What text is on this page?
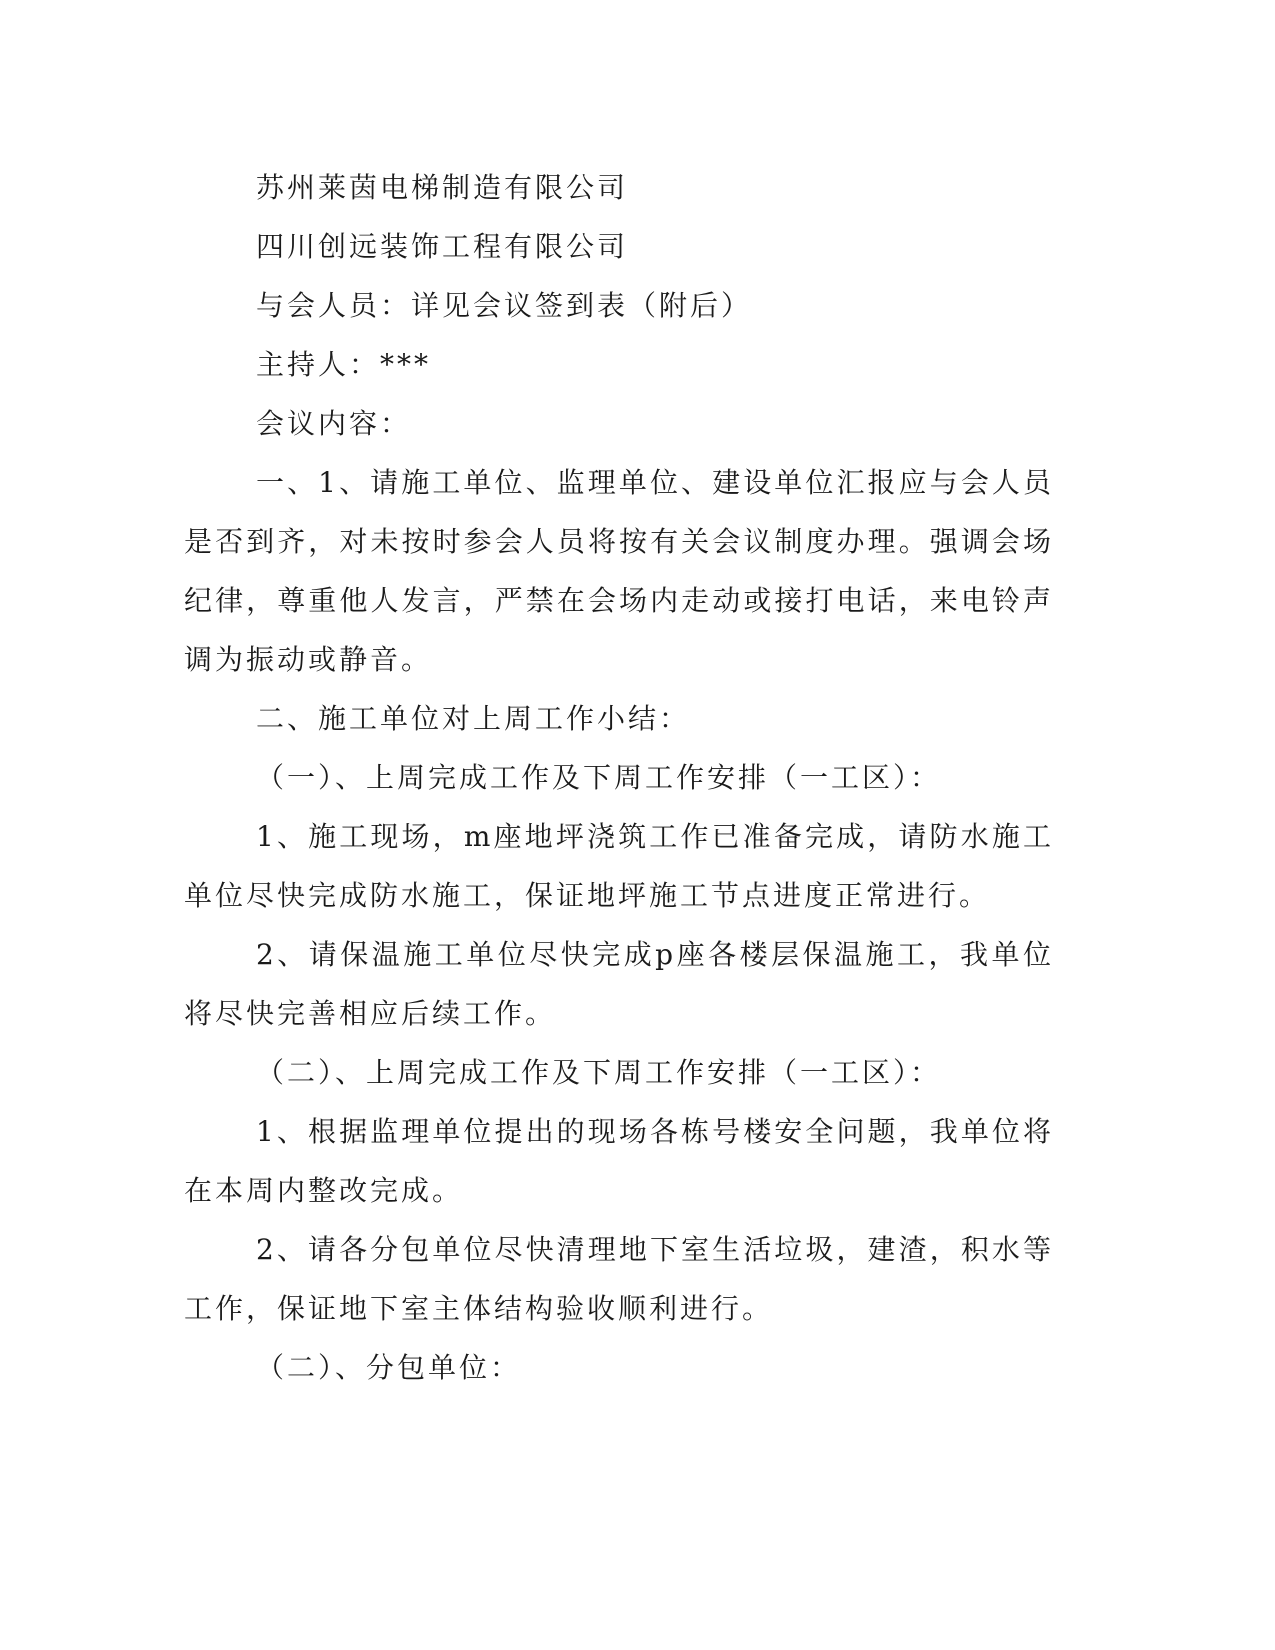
苏州莱茵电梯制造有限公司

四川创远装饰工程有限公司

与会人员：详见会议签到表（附后）

主持人：***

会议内容：

一、1、请施工单位、监理单位、建设单位汇报应与会人员是否到齐，对未按时参会人员将按有关会议制度办理。强调会场纪律，尊重他人发言，严禁在会场内走动或接打电话，来电铃声调为振动或静音。

二、施工单位对上周工作小结：

（一）、上周完成工作及下周工作安排（一工区）：

1、施工现场，m座地坪浇筑工作已准备完成，请防水施工单位尽快完成防水施工，保证地坪施工节点进度正常进行。

2、请保温施工单位尽快完成p座各楼层保温施工，我单位将尽快完善相应后续工作。

（二）、上周完成工作及下周工作安排（一工区）：

1、根据监理单位提出的现场各栋号楼安全问题，我单位将在本周内整改完成。

2、请各分包单位尽快清理地下室生活垃圾，建渣，积水等工作，保证地下室主体结构验收顺利进行。

（二）、分包单位：
